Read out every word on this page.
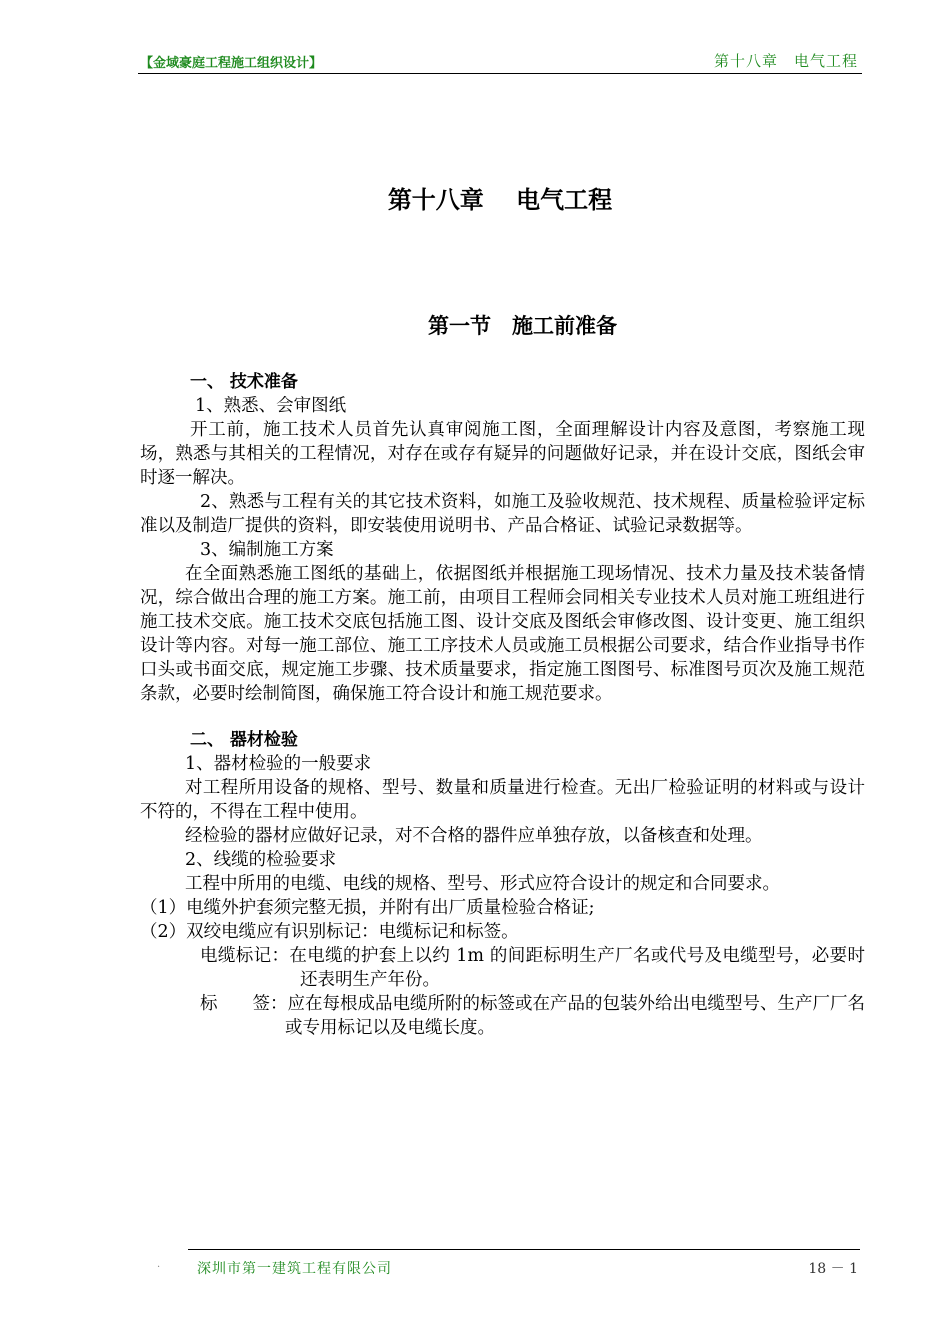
【金域豪庭工程施工组织设计】	第十八章　电气工程
第十八章　 电气工程
第一节　施工前准备

一、 技术准备

1、熟悉、会审图纸

开工前，施工技术人员首先认真审阅施工图，全面理解设计内容及意图，考察施工现场，熟悉与其相关的工程情况，对存在或存有疑异的问题做好记录，并在设计交底，图纸会审时逐一解决。

2、熟悉与工程有关的其它技术资料，如施工及验收规范、技术规程、质量检验评定标准以及制造厂提供的资料，即安装使用说明书、产品合格证、试验记录数据等。

3、编制施工方案

在全面熟悉施工图纸的基础上，依据图纸并根据施工现场情况、技术力量及技术装备情况，综合做出合理的施工方案。施工前，由项目工程师会同相关专业技术人员对施工班组进行施工技术交底。施工技术交底包括施工图、设计交底及图纸会审修改图、设计变更、施工组织设计等内容。对每一施工部位、施工工序技术人员或施工员根据公司要求，结合作业指导书作口头或书面交底，规定施工步骤、技术质量要求，指定施工图图号、标准图号页次及施工规范条款，必要时绘制简图，确保施工符合设计和施工规范要求。

二、 器材检验

1、器材检验的一般要求

对工程所用设备的规格、型号、数量和质量进行检查。无出厂检验证明的材料或与设计不符的，不得在工程中使用。

经检验的器材应做好记录，对不合格的器件应单独存放，以备核查和处理。

2、线缆的检验要求

工程中所用的电缆、电线的规格、型号、形式应符合设计的规定和合同要求。

（1）电缆外护套须完整无损，并附有出厂质量检验合格证;

（2）双绞电缆应有识别标记：电缆标记和标签。

电缆标记：在电缆的护套上以约 1m 的间距标明生产厂名或代号及电缆型号，必要时还表明生产年份。

标　　签：应在每根成品电缆所附的标签或在产品的包装外给出电缆型号、生产厂厂名或专用标记以及电缆长度。

·	深圳市第一建筑工程有限公司	18 － 1
